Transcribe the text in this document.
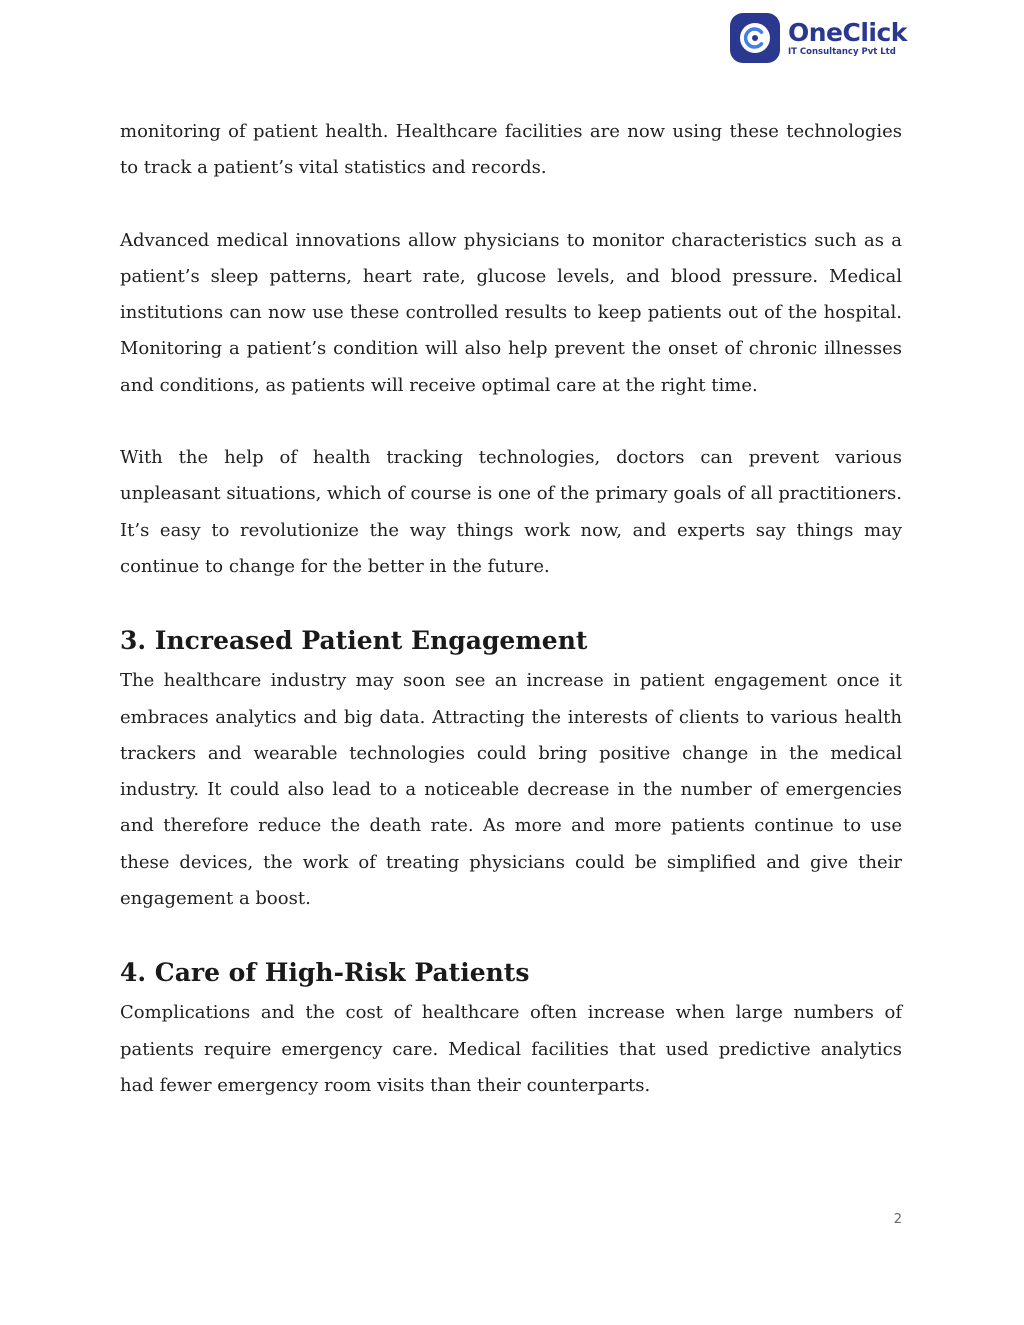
OneClick
IT Consultancy Pvt Ltd

monitoring of patient health. Healthcare facilities are now using these technologies to track a patient’s vital statistics and records.

Advanced medical innovations allow physicians to monitor characteristics such as a patient’s sleep patterns, heart rate, glucose levels, and blood pressure. Medical institutions can now use these controlled results to keep patients out of the hospital. Monitoring a patient’s condition will also help prevent the onset of chronic illnesses and conditions, as patients will receive optimal care at the right time.

With the help of health tracking technologies, doctors can prevent various unpleasant situations, which of course is one of the primary goals of all practitioners. It’s easy to revolutionize the way things work now, and experts say things may continue to change for the better in the future.

3. Increased Patient Engagement

The healthcare industry may soon see an increase in patient engagement once it embraces analytics and big data. Attracting the interests of clients to various health trackers and wearable technologies could bring positive change in the medical industry. It could also lead to a noticeable decrease in the number of emergencies and therefore reduce the death rate. As more and more patients continue to use these devices, the work of treating physicians could be simplified and give their engagement a boost.

4. Care of High-Risk Patients

Complications and the cost of healthcare often increase when large numbers of patients require emergency care. Medical facilities that used predictive analytics had fewer emergency room visits than their counterparts.

2
